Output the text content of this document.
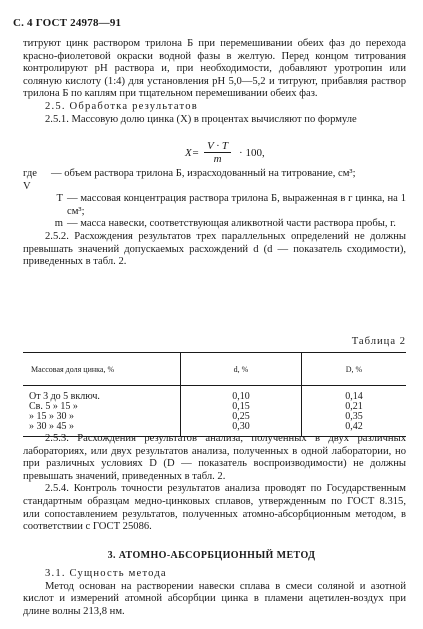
С. 4 ГОСТ 24978—91

титруют цинк раствором трилона Б при перемешивании обеих фаз до перехода красно-фиолетовой окраски водной фазы в желтую. Перед концом титрования контролируют рН раствора и, при необходимости, добавляют уротропин или соляную кислоту (1:4) для установления рН 5,0—5,2 и титруют, прибавляя раствор трилона Б по каплям при тщательном перемешивании обеих фаз.

2.5. Обработка результатов

2.5.1. Массовую долю цинка (X) в процентах вычисляют по формуле

$X= \frac{V \cdot T}{m} \cdot 100$,
где V
— объем раствора трилона Б, израсходованный на титрование, см³;
T — массовая концентрация раствора трилона Б, выраженная в г цинка, на 1 см³;
m — масса навески, соответствующая аликвотной части раствора пробы, г.

2.5.2. Расхождения результатов трех параллельных определений не должны превышать значений допускаемых расхождений d (d — показатель сходимости), приведенных в табл. 2.

Таблица 2
Массовая доля цинка, %	d, %	D, %
От 3 до 5 включ.	0,10	0,14
Св. 5 » 15 »	0,15	0,21
» 15 » 30 »	0,25	0,35
» 30 » 45 »	0,30	0,42

2.5.3. Расхождения результатов анализа, полученных в двух различных лабораториях, или двух результатов анализа, полученных в одной лаборатории, но при различных условиях D (D — показатель воспроизводимости) не должны превышать значений, приведенных в табл. 2.

2.5.4. Контроль точности результатов анализа проводят по Государственным стандартным образцам медно-цинковых сплавов, утвержденным по ГОСТ 8.315, или сопоставлением результатов, полученных атомно-абсорбционным методом, в соответствии с ГОСТ 25086.

3. АТОМНО-АБСОРБЦИОННЫЙ МЕТОД

3.1. Сущность метода

Метод основан на растворении навески сплава в смеси соляной и азотной кислот и измерений атомной абсорбции цинка в пламени ацетилен-воздух при длине волны 213,8 нм.
